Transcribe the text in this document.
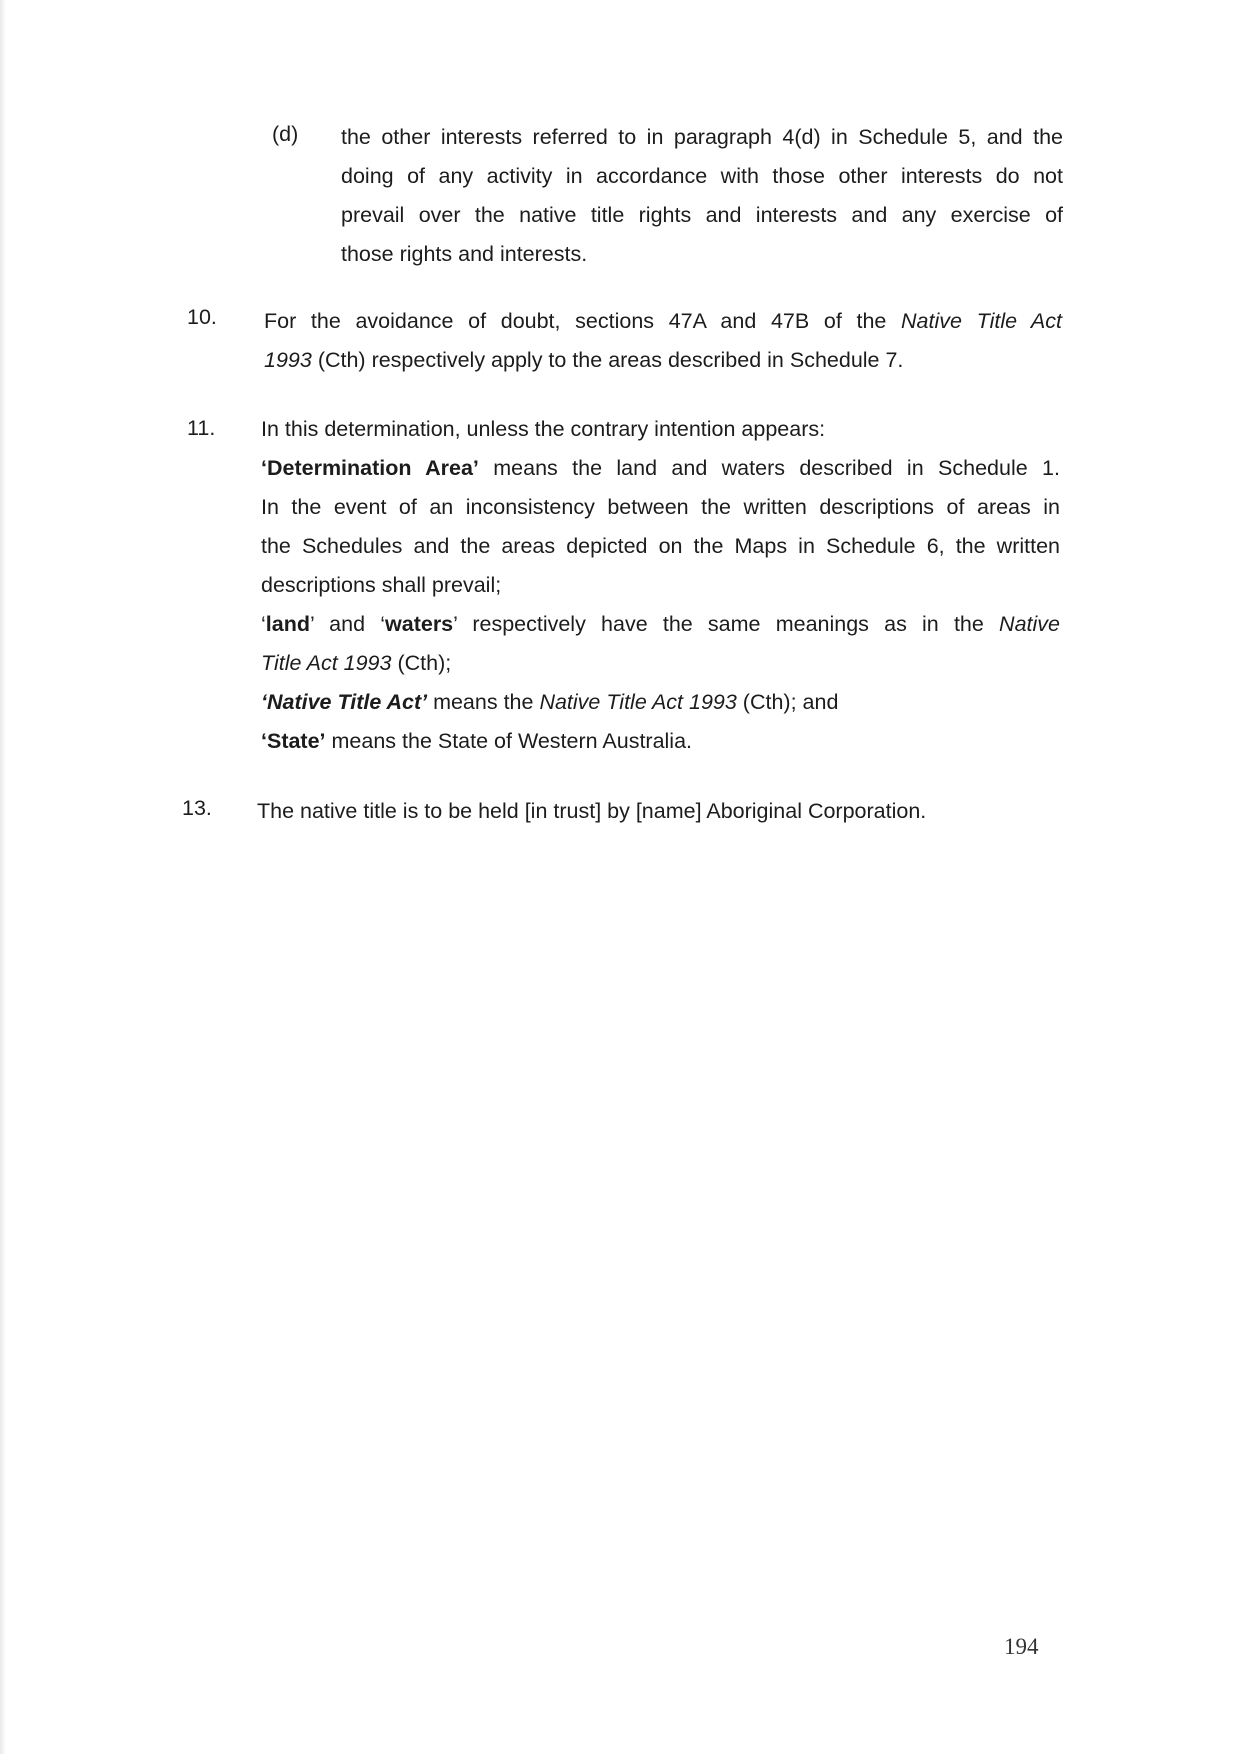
(d) the other interests referred to in paragraph 4(d) in Schedule 5, and the

doing of any activity in accordance with those other interests do not

prevail over the native title rights and interests and any exercise of

those rights and interests.

10. For the avoidance of doubt, sections 47A and 47B of the Native Title Act

1993 (Cth) respectively apply to the areas described in Schedule 7.

11. In this determination, unless the contrary intention appears:

‘Determination Area’ means the land and waters described in Schedule 1.

In the event of an inconsistency between the written descriptions of areas in

the Schedules and the areas depicted on the Maps in Schedule 6, the written

descriptions shall prevail;

‘land’ and ‘waters’ respectively have the same meanings as in the Native

Title Act 1993 (Cth);

‘Native Title Act’ means the Native Title Act 1993 (Cth); and

‘State’ means the State of Western Australia.

13. The native title is to be held [in trust] by [name] Aboriginal Corporation.

194
